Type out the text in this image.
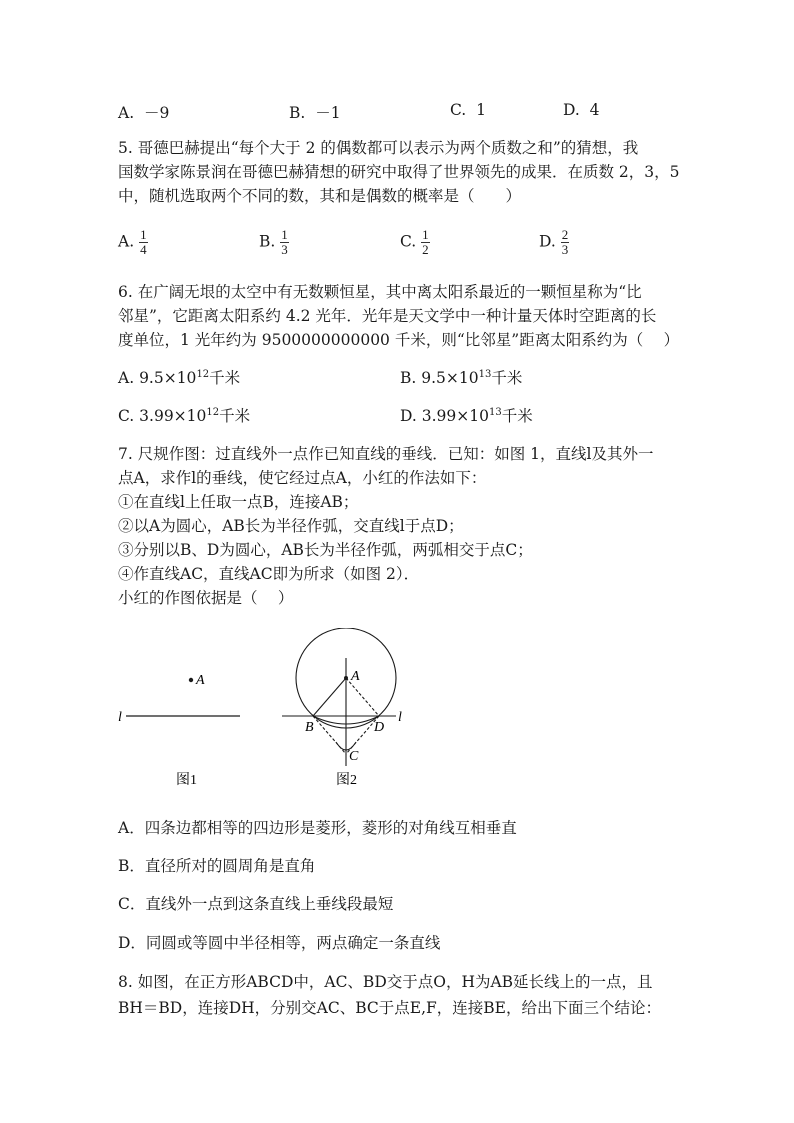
A. －9	B. －1	C. 1	D. 4
5. 哥德巴赫提出“每个大于 2 的偶数都可以表示为两个质数之和”的猜想，我
国数学家陈景润在哥德巴赫猜想的研究中取得了世界领先的成果．在质数 2，3，5
中，随机选取两个不同的数，其和是偶数的概率是（　　）
A. $\frac{1}{4}$	B. $\frac{1}{3}$	C. $\frac{1}{2}$	D. $\frac{2}{3}$
6. 在广阔无垠的太空中有无数颗恒星，其中离太阳系最近的一颗恒星称为“比
邻星”，它距离太阳系约 4.2 光年．光年是天文学中一种计量天体时空距离的长
度单位，1 光年约为 9500000000000 千米，则“比邻星”距离太阳系约为（　 ）
A. $9.5\times 10^{12}$千米	B. $9.5\times 10^{13}$千米
C. $3.99\times 10^{12}$千米	D. $3.99\times 10^{13}$千米
7. 尺规作图：过直线外一点作已知直线的垂线．已知：如图 1，直线l及其外一
点A，求作l的垂线，使它经过点A，小红的作法如下：
①在直线l上任取一点B，连接AB；
②以A为圆心，AB长为半径作弧，交直线l于点D；
③分别以B、D为圆心，AB长为半径作弧，两弧相交于点C；
④作直线AC，直线AC即为所求（如图 2）．
小红的作图依据是（　 ）
A
l
图1
A
B	D
C
l
图2
A．四条边都相等的四边形是菱形，菱形的对角线互相垂直
B．直径所对的圆周角是直角
C．直线外一点到这条直线上垂线段最短
D．同圆或等圆中半径相等，两点确定一条直线
8. 如图，在正方形ABCD中，AC、BD交于点O，H为AB延长线上的一点，且
BH＝BD，连接DH，分别交AC、BC于点E,F，连接BE，给出下面三个结论：
